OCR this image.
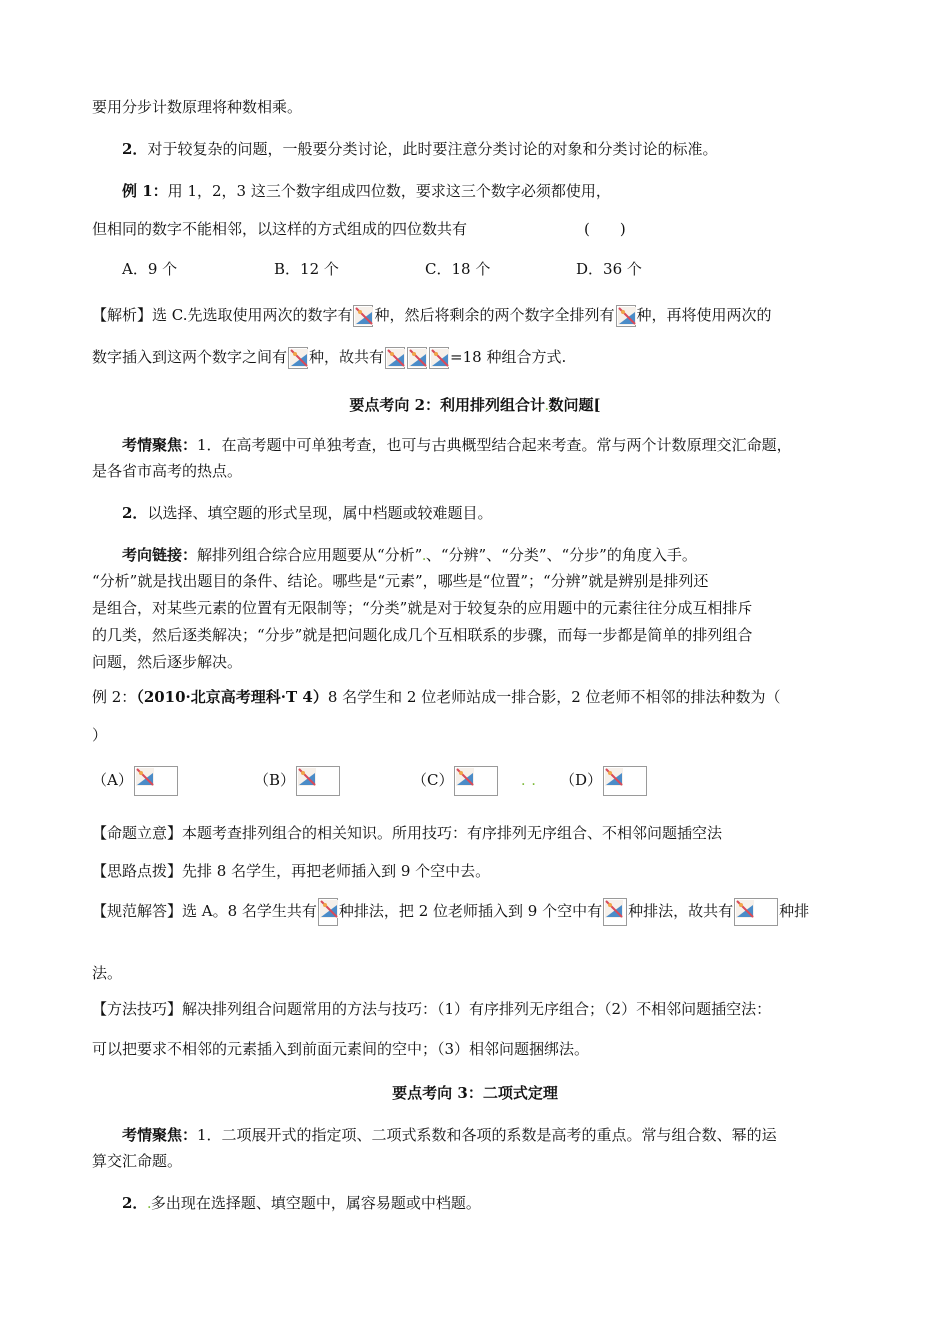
要用分步计数原理将种数相乘。
2．对于较复杂的问题，一般要分类讨论，此时要注意分类讨论的对象和分类讨论的标准。
例 1：用 1，2，3 这三个数字组成四位数，要求这三个数字必须都使用，
但相同的数字不能相邻，以这样的方式组成的四位数共有	(　　)
A．9 个	B．12 个	C．18 个	D．36 个
【解析】选 C.先选取使用两次的数字有 种，然后将剩余的两个数字全排列有 种，再将使用两次的
数字插入到这两个数字之间有 种，故共有	=18 种组合方式.
要点考向 2：利用排列组合计.数问题[
考情聚焦：1．在高考题中可单独考查，也可与古典概型结合起来考查。常与两个计数原理交汇命题，
是各省市高考的热点。
2．以选择、填空题的形式呈现，属中档题或较难题目。
考向链接：解排列组合综合应用题要从“分析”.、“分辨”、“分类”、“分步”的角度入手。
“分析”就是找出题目的条件、结论。哪些是“元素”，哪些是“位置”；“分辨”就是辨别是排列还
是组合，对某些元素的位置有无限制等；“分类”就是对于较复杂的应用题中的元素往往分成互相排斥
的几类，然后逐类解决；“分步”就是把问题化成几个互相联系的步骤，而每一步都是简单的排列组合
问题，然后逐步解决。
例 2：（2010·北京高考理科·T 4）8 名学生和 2 位老师站成一排合影，2 位老师不相邻的排法种数为（
）
（A）	（B）	（C）	.  . （D）
【命题立意】本题考查排列组合的相关知识。所用技巧：有序排列无序组合、不相邻问题插空法
【思路点拨】先排 8 名学生，再把老师插入到 9 个空中去。
【规范解答】选 A。8 名学生共有 种排法，把 2 位老师插入到 9 个空中有 种排法，故共有	种排
法。
【方法技巧】解决排列组合问题常用的方法与技巧：（1）有序排列无序组合；（2）不相邻问题插空法：
可以把要求不相邻的元素插入到前面元素间的空中；（3）相邻问题捆绑法。
要点考向 3：二项式定理
考情聚焦：1．二项展开式的指定项、二项式系数和各项的系数是高考的重点。常与组合数、幂的运
算交汇命题。
2．.多出现在选择题、填空题中，属容易题或中档题。
